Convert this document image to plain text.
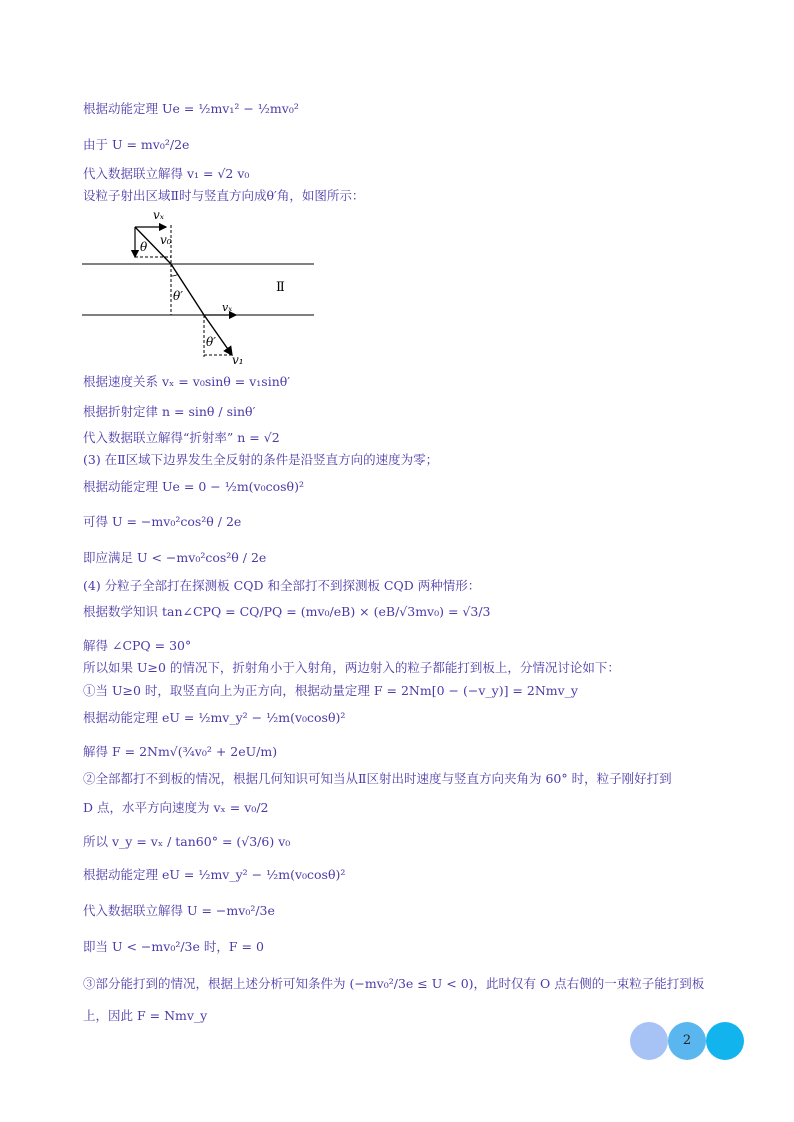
根据动能定理 Ue = ½mv₁² − ½mv₀²
由于 U = mv₀²/2e
代入数据联立解得 v₁ = √2 v₀
设粒子射出区域Ⅱ时与竖直方向成θ′角，如图所示：
vₓ
v₀
θ
θ′
Ⅱ
vₓ
θ′
v₁
根据速度关系 vₓ = v₀sinθ = v₁sinθ′
根据折射定律 n = sinθ / sinθ′
代入数据联立解得“折射率” n = √2
(3) 在Ⅱ区域下边界发生全反射的条件是沿竖直方向的速度为零；
根据动能定理 Ue = 0 − ½m(v₀cosθ)²
可得 U = −mv₀²cos²θ / 2e
即应满足 U < −mv₀²cos²θ / 2e
(4) 分粒子全部打在探测板 CQD 和全部打不到探测板 CQD 两种情形：
根据数学知识 tan∠CPQ = CQ/PQ = (mv₀/eB) × (eB/√3mv₀) = √3/3
解得 ∠CPQ = 30°
所以如果 U≥0 的情况下，折射角小于入射角，两边射入的粒子都能打到板上，分情况讨论如下：
①当 U≥0 时，取竖直向上为正方向，根据动量定理 F = 2Nm[0 − (−v_y)] = 2Nmv_y
根据动能定理 eU = ½mv_y² − ½m(v₀cosθ)²
解得 F = 2Nm√(¾v₀² + 2eU/m)
②全部都打不到板的情况，根据几何知识可知当从Ⅱ区射出时速度与竖直方向夹角为 60° 时，粒子刚好打到
D 点，水平方向速度为 vₓ = v₀/2
所以 v_y = vₓ / tan60° = (√3/6) v₀
根据动能定理 eU = ½mv_y² − ½m(v₀cosθ)²
代入数据联立解得 U = −mv₀²/3e
即当 U < −mv₀²/3e 时，F = 0
③部分能打到的情况，根据上述分析可知条件为 (−mv₀²/3e ≤ U < 0)，此时仅有 O 点右侧的一束粒子能打到板
上，因此 F = Nmv_y
2
